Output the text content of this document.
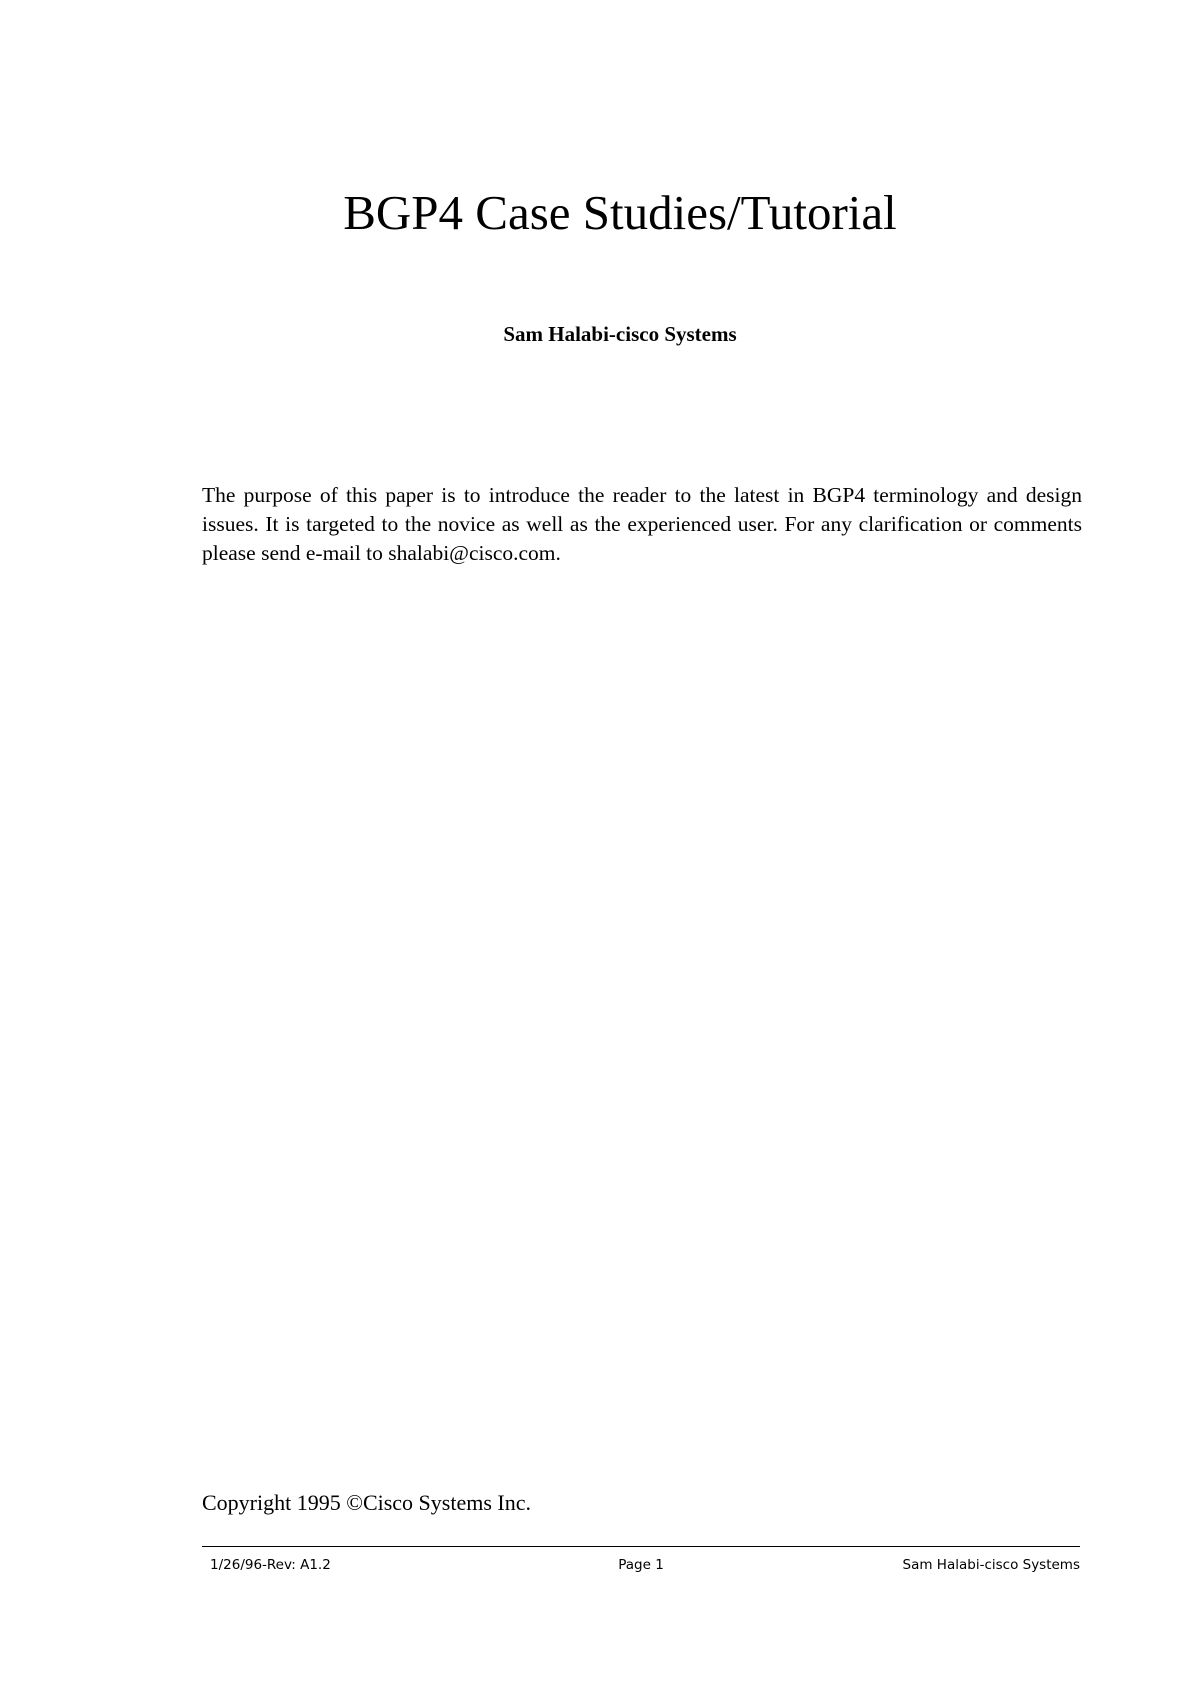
BGP4 Case Studies/Tutorial
Sam Halabi-cisco Systems

The purpose of this paper is to introduce the reader to the latest in BGP4 terminology and design issues. It is targeted to the novice as well as the experienced user. For any clarification or comments please send e-mail to shalabi@cisco.com.

Copyright 1995 ©Cisco Systems Inc.
1/26/96-Rev: A1.2	Page 1	Sam Halabi-cisco Systems
